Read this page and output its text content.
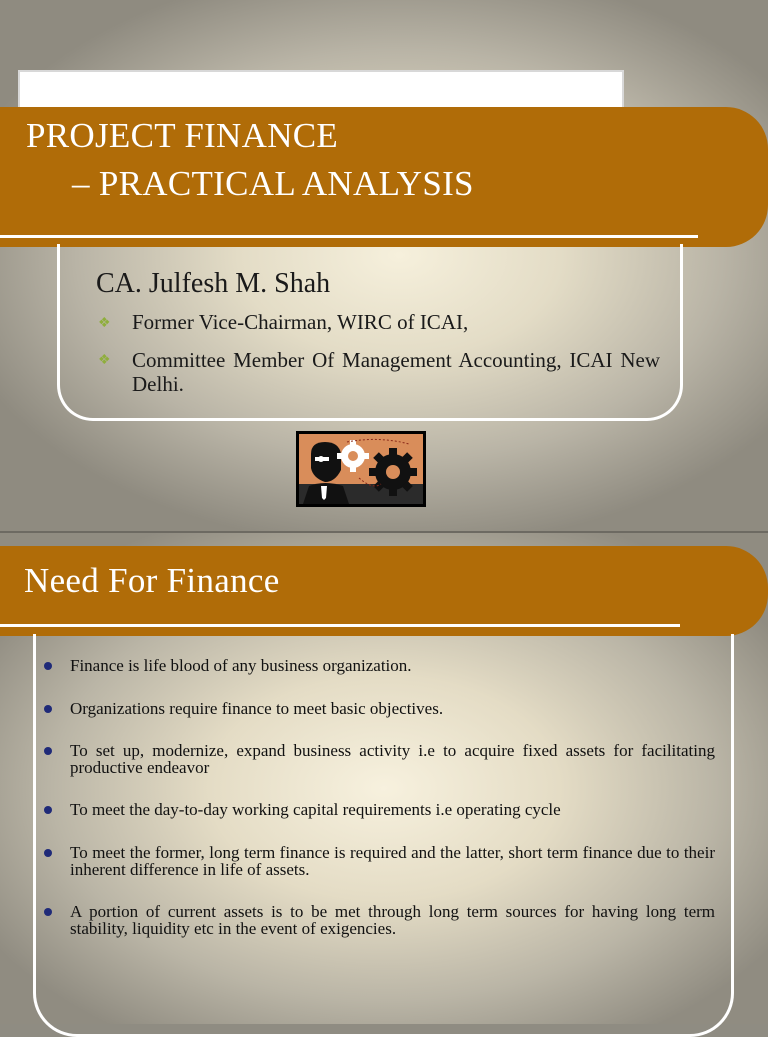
PROJECT FINANCE
– PRACTICAL ANALYSIS
CA. Julfesh M. Shah
❖ Former Vice-Chairman, WIRC of ICAI,
❖ Committee Member Of Management Accounting, ICAI New Delhi.
Need For Finance
Finance is life blood of any business organization.
Organizations require finance to meet basic objectives.
To set up, modernize, expand business activity i.e to acquire fixed assets for facilitating productive endeavor
To meet the day-to-day working capital requirements i.e operating cycle
To meet the former, long term finance is required and the latter, short term finance due to their inherent difference in life of assets.
A portion of current assets is to be met through long term sources for having long term stability, liquidity etc in the event of exigencies.
